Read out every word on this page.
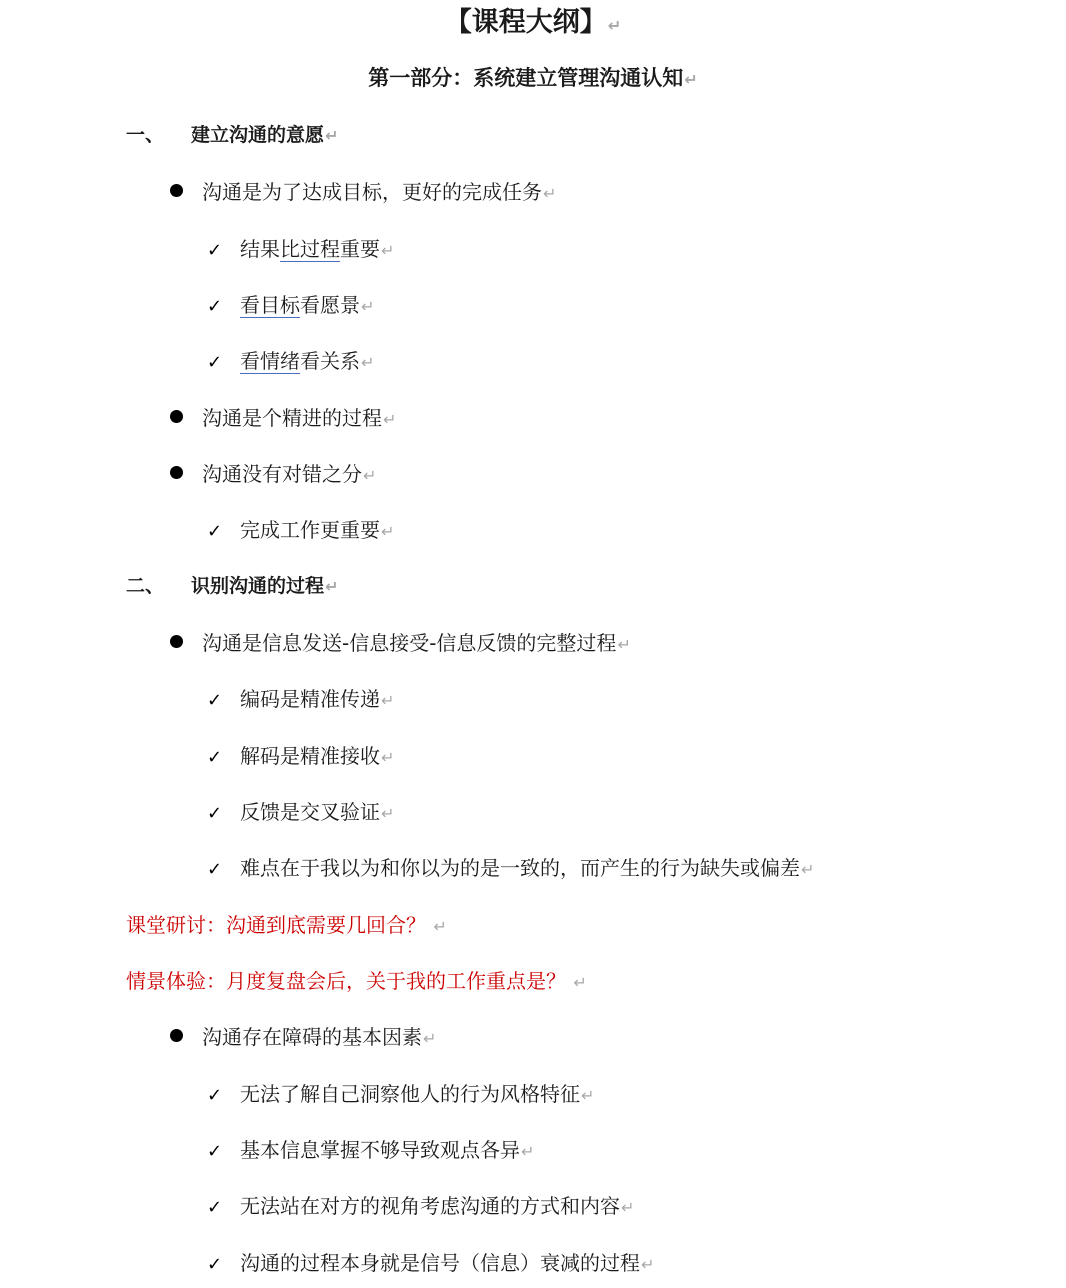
【课程大纲】↵
第一部分：系统建立管理沟通认知↵
一、 建立沟通的意愿↵
沟通是为了达成目标，更好的完成任务↵
✓ 结果比过程重要↵
✓ 看目标看愿景↵
✓ 看情绪看关系↵
沟通是个精进的过程↵
沟通没有对错之分↵
✓ 完成工作更重要↵
二、 识别沟通的过程↵
沟通是信息发送-信息接受-信息反馈的完整过程↵
✓ 编码是精准传递↵
✓ 解码是精准接收↵
✓ 反馈是交叉验证↵
✓ 难点在于我以为和你以为的是一致的，而产生的行为缺失或偏差↵
课堂研讨：沟通到底需要几回合？ ↵
情景体验：月度复盘会后，关于我的工作重点是？ ↵
沟通存在障碍的基本因素↵
✓ 无法了解自己洞察他人的行为风格特征↵
✓ 基本信息掌握不够导致观点各异↵
✓ 无法站在对方的视角考虑沟通的方式和内容↵
✓ 沟通的过程本身就是信号（信息）衰减的过程↵
